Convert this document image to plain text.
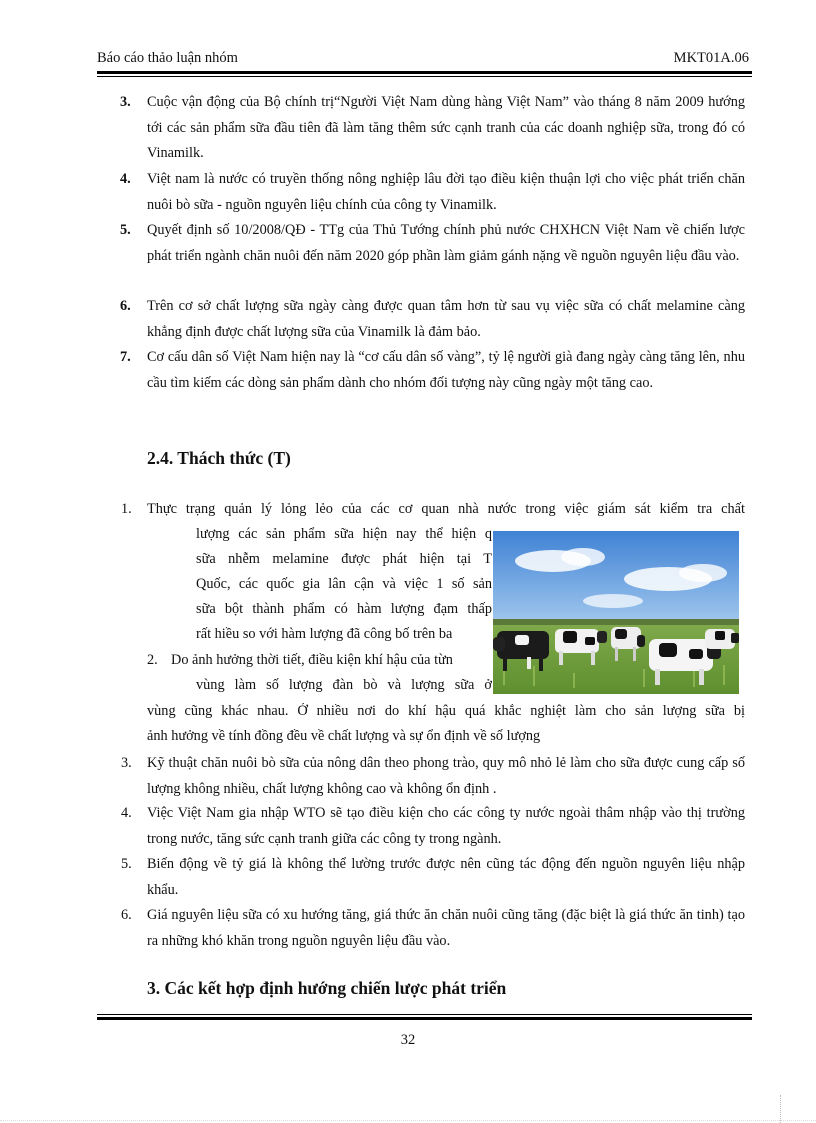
Báo cáo thảo luận nhóm	MKT01A.06
3. Cuộc vận động của Bộ chính trị“Người Việt Nam dùng hàng Việt Nam” vào tháng 8 năm 2009 hướng tới các sản phẩm sữa đầu tiên đã làm tăng thêm sức cạnh tranh của các doanh nghiệp sữa, trong đó có Vinamilk.
4. Việt nam là nước có truyền thống nông nghiệp lâu đời tạo điều kiện thuận lợi cho việc phát triển chăn nuôi bò sữa - nguồn nguyên liệu chính của công ty Vinamilk.
5. Quyết định số 10/2008/QĐ - TTg của Thủ Tướng chính phủ nước CHXHCN Việt Nam về chiến lược phát triển ngành chăn nuôi đến năm 2020 góp phần làm giảm gánh nặng về nguồn nguyên liệu đầu vào.
6. Trên cơ sở chất lượng sữa ngày càng được quan tâm hơn từ sau vụ việc sữa có chất melamine càng khẳng định được chất lượng sữa của Vinamilk là đảm bảo.
7. Cơ cấu dân số Việt Nam hiện nay là “cơ cấu dân số vàng”, tỷ lệ người già đang ngày càng tăng lên, nhu cầu tìm kiếm các dòng sản phẩm dành cho nhóm đối tượng này cũng ngày một tăng cao.
2.4. Thách thức (T)
1. Thực trạng quản lý lỏng lẻo của các cơ quan nhà nước trong việc giám sát kiểm tra chất
lượng các sản phẩm sữa hiện nay thể hiện q
sữa nhễm melamine được phát hiện tại T
Quốc, các quốc gia lân cận và việc 1 số sản
sữa bột thành phẩm có hàm lượng đạm thấp
rất hiều so với hàm lượng đã công bố trên ba
2. Do ảnh hưởng thời tiết, điều kiện khí hậu của từn
vùng làm số lượng đàn bò và lượng sữa ở
vùng cũng khác nhau. Ở nhiều nơi do khí hậu quá khắc nghiệt làm cho sản lượng sữa bị
ảnh hưởng về tính đồng đều về chất lượng và sự ổn định về số lượng
3. Kỹ thuật chăn nuôi bò sữa của nông dân theo phong trào, quy mô nhỏ lẻ làm cho sữa được cung cấp số lượng không nhiều, chất lượng không cao và không ổn định .
4. Việc Việt Nam gia nhập WTO sẽ tạo điều kiện cho các công ty nước ngoài thâm nhập vào thị trường trong nước, tăng sức cạnh tranh giữa các công ty trong ngành.
5. Biến động về tỷ giá là không thể lường trước được nên cũng tác động đến nguồn nguyên liệu nhập khẩu.
6. Giá nguyên liệu sữa có xu hướng tăng, giá thức ăn chăn nuôi cũng tăng (đặc biệt là giá thức ăn tinh) tạo ra những khó khăn trong nguồn nguyên liệu đầu vào.
3. Các kết hợp định hướng chiến lược phát triển
32
